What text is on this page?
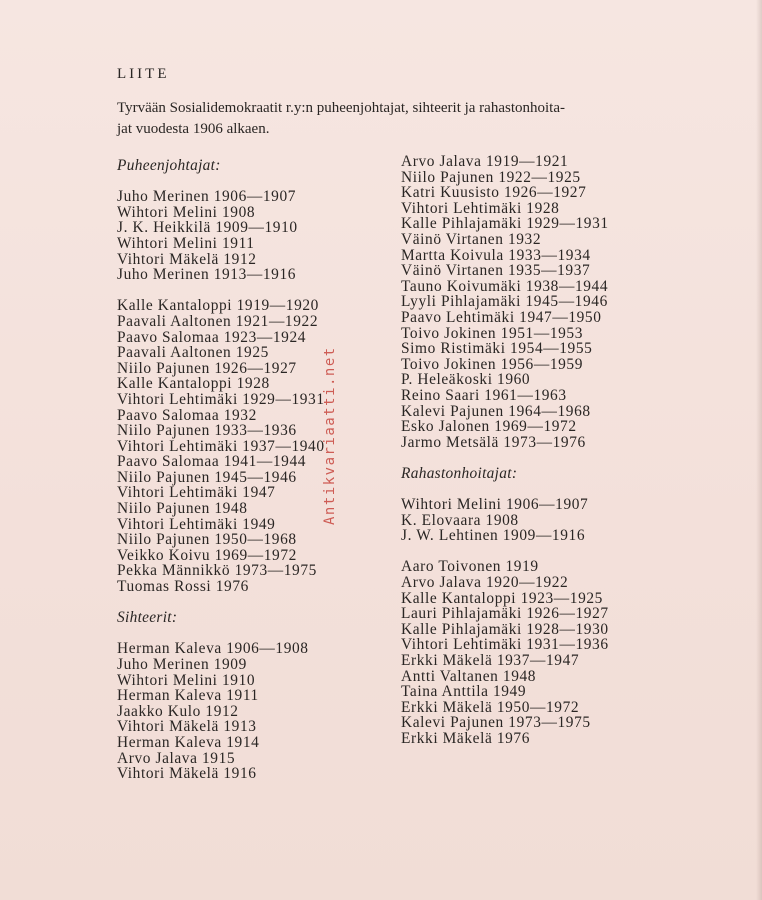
LIITE
Tyrvään Sosialidemokraatit r.y:n puheenjohtajat, sihteerit ja rahastonhoita-
jat vuodesta 1906 alkaen.
Puheenjohtajat:
Juho Merinen 1906—1907
Wihtori Melini 1908
J. K. Heikkilä 1909—1910
Wihtori Melini 1911
Vihtori Mäkelä 1912
Juho Merinen 1913—1916
Kalle Kantaloppi 1919—1920
Paavali Aaltonen 1921—1922
Paavo Salomaa 1923—1924
Paavali Aaltonen 1925
Niilo Pajunen 1926—1927
Kalle Kantaloppi 1928
Vihtori Lehtimäki 1929—1931
Paavo Salomaa 1932
Niilo Pajunen 1933—1936
Vihtori Lehtimäki 1937—1940
Paavo Salomaa 1941—1944
Niilo Pajunen 1945—1946
Vihtori Lehtimäki 1947
Niilo Pajunen 1948
Vihtori Lehtimäki 1949
Niilo Pajunen 1950—1968
Veikko Koivu 1969—1972
Pekka Männikkö 1973—1975
Tuomas Rossi 1976
Sihteerit:
Herman Kaleva 1906—1908
Juho Merinen 1909
Wihtori Melini 1910
Herman Kaleva 1911
Jaakko Kulo 1912
Vihtori Mäkelä 1913
Herman Kaleva 1914
Arvo Jalava 1915
Vihtori Mäkelä 1916
Arvo Jalava 1919—1921
Niilo Pajunen 1922—1925
Katri Kuusisto 1926—1927
Vihtori Lehtimäki 1928
Kalle Pihlajamäki 1929—1931
Väinö Virtanen 1932
Martta Koivula 1933—1934
Väinö Virtanen 1935—1937
Tauno Koivumäki 1938—1944
Lyyli Pihlajamäki 1945—1946
Paavo Lehtimäki 1947—1950
Toivo Jokinen 1951—1953
Simo Ristimäki 1954—1955
Toivo Jokinen 1956—1959
P. Heleäkoski 1960
Reino Saari 1961—1963
Kalevi Pajunen 1964—1968
Esko Jalonen 1969—1972
Jarmo Metsälä 1973—1976
Rahastonhoitajat:
Wihtori Melini 1906—1907
K. Elovaara 1908
J. W. Lehtinen 1909—1916
Aaro Toivonen 1919
Arvo Jalava 1920—1922
Kalle Kantaloppi 1923—1925
Lauri Pihlajamäki 1926—1927
Kalle Pihlajamäki 1928—1930
Vihtori Lehtimäki 1931—1936
Erkki Mäkelä 1937—1947
Antti Valtanen 1948
Taina Anttila 1949
Erkki Mäkelä 1950—1972
Kalevi Pajunen 1973—1975
Erkki Mäkelä 1976
Antikvariaatti.net
